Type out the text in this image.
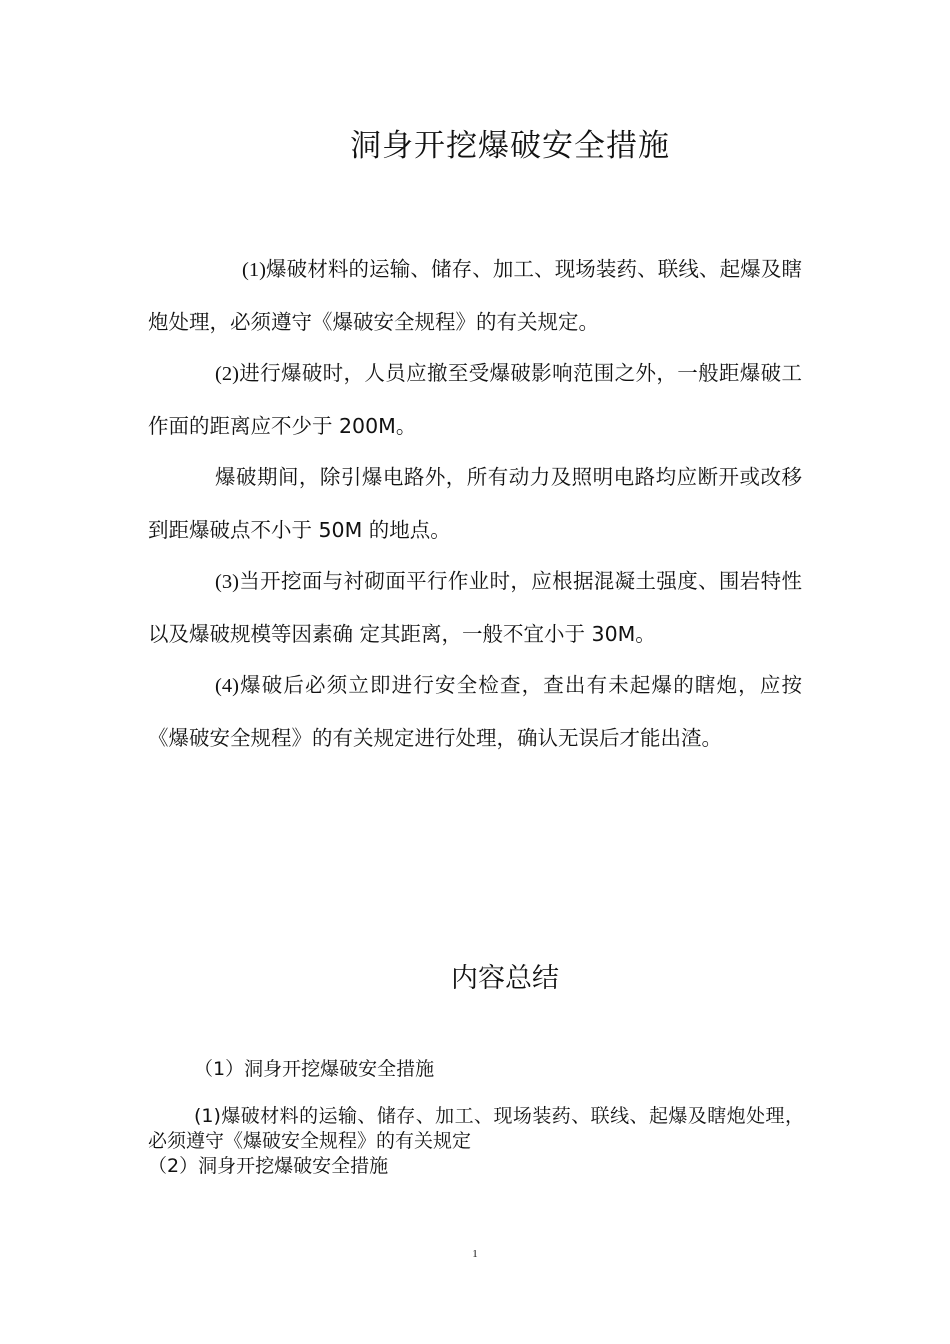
洞身开挖爆破安全措施

(1)爆破材料的运输、储存、加工、现场装药、联线、起爆及瞎炮处理，必须遵守《爆破安全规程》的有关规定。

(2)进行爆破时，人员应撤至受爆破影响范围之外，一般距爆破工作面的距离应不少于 200M。

爆破期间，除引爆电路外，所有动力及照明电路均应断开或改移到距爆破点不小于 50M 的地点。

(3)当开挖面与衬砌面平行作业时，应根据混凝土强度、围岩特性以及爆破规模等因素确 定其距离，一般不宜小于 30M。

(4)爆破后必须立即进行安全检查，查出有未起爆的瞎炮，应按《爆破安全规程》的有关规定进行处理，确认无误后才能出渣。

内容总结
（1）洞身开挖爆破安全措施

(1)爆破材料的运输、储存、加工、现场装药、联线、起爆及瞎炮处理，必须遵守《爆破安全规程》的有关规定

（2）洞身开挖爆破安全措施

1
